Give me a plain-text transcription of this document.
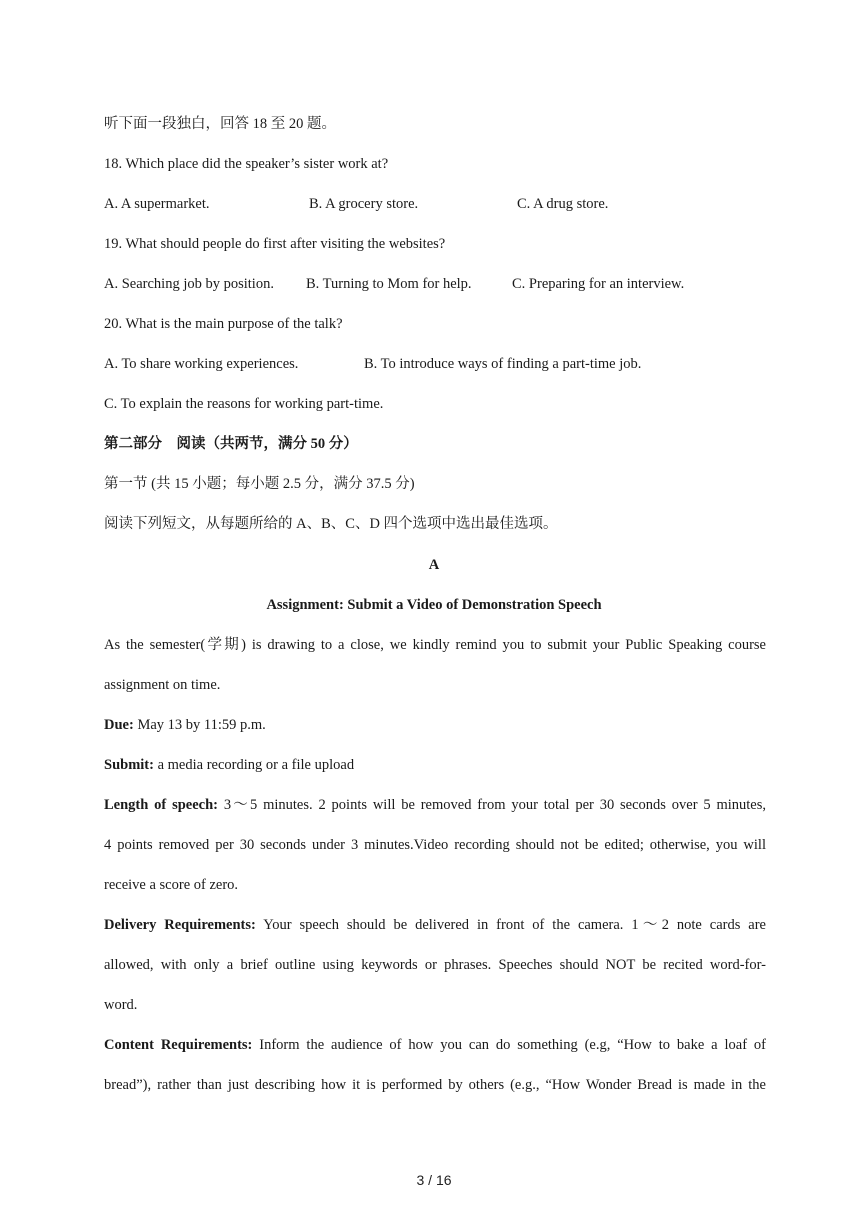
听下面一段独白，回答 18 至 20 题。
18. Which place did the speaker’s sister work at?
A. A supermarket.	B. A grocery store.	C. A drug store.
19. What should people do first after visiting the websites?
A. Searching job by position. B. Turning to Mom for help.	C. Preparing for an interview.
20. What is the main purpose of the talk?
A. To share working experiences.	B. To introduce ways of finding a part-time job.
C. To explain the reasons for working part-time.
第二部分　阅读（共两节，满分 50 分）
第一节 (共 15 小题；每小题 2.5 分，满分 37.5 分)
阅读下列短文，从每题所给的 A、B、C、D 四个选项中选出最佳选项。
A
Assignment: Submit a Video of Demonstration Speech
As the semester(学期) is drawing to a close, we kindly remind you to submit your Public Speaking course
assignment on time.
Due: May 13 by 11:59 p.m.
Submit: a media recording or a file upload
Length of speech: 3～5 minutes. 2 points will be removed from your total per 30 seconds over 5 minutes,
4 points removed per 30 seconds under 3 minutes.Video recording should not be edited; otherwise, you will
receive a score of zero.
Delivery Requirements: Your speech should be delivered in front of the camera. 1～2 note cards are
allowed, with only a brief outline using keywords or phrases. Speeches should NOT be recited word-for-
word.
Content Requirements: Inform the audience of how you can do something (e.g, “How to bake a loaf of
bread”), rather than just describing how it is performed by others (e.g., “How Wonder Bread is made in the
3 / 16
